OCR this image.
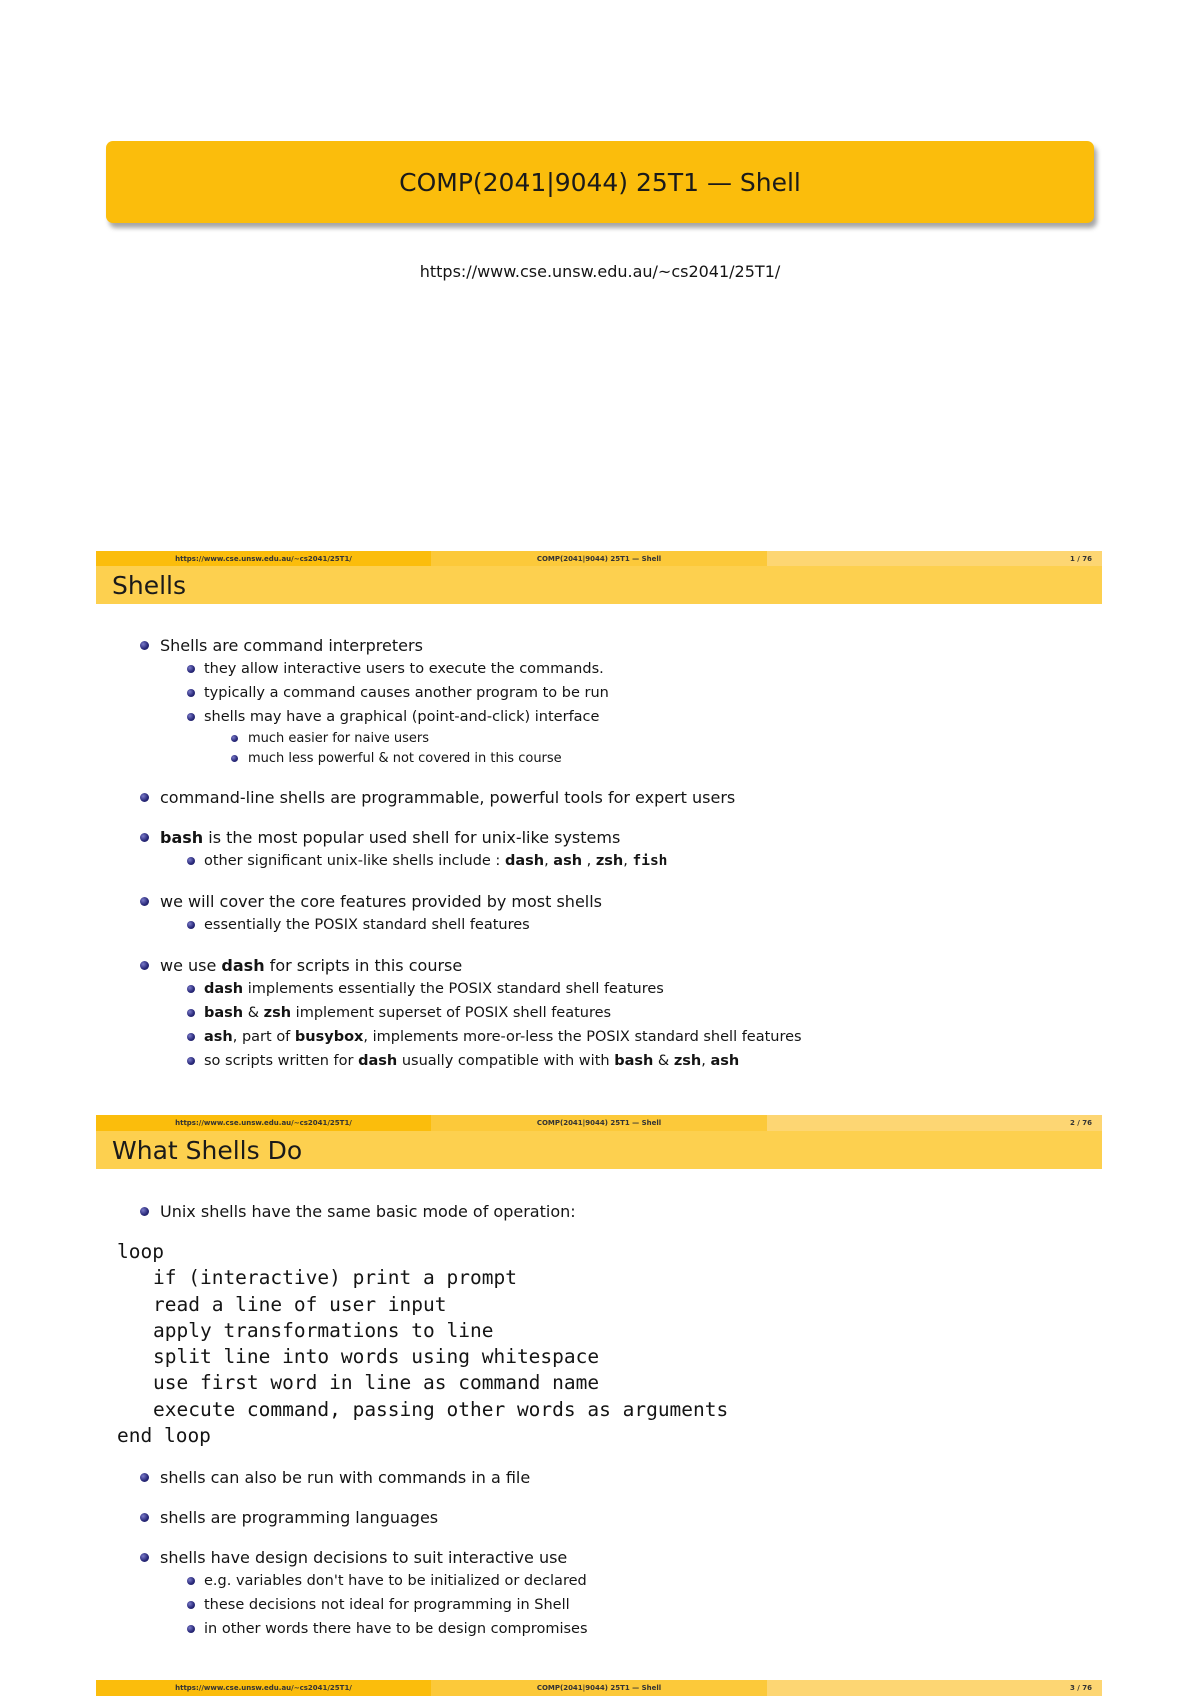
COMP(2041|9044) 25T1 — Shell
https://www.cse.unsw.edu.au/~cs2041/25T1/
https://www.cse.unsw.edu.au/~cs2041/25T1/	COMP(2041|9044) 25T1 — Shell	1 / 76
Shells
Shells are command interpreters
they allow interactive users to execute the commands.
typically a command causes another program to be run
shells may have a graphical (point-and-click) interface
much easier for naive users
much less powerful & not covered in this course
command-line shells are programmable, powerful tools for expert users
bash is the most popular used shell for unix-like systems
other significant unix-like shells include : dash, ash , zsh, fish
we will cover the core features provided by most shells
essentially the POSIX standard shell features
we use dash for scripts in this course
dash implements essentially the POSIX standard shell features
bash & zsh implement superset of POSIX shell features
ash, part of busybox, implements more-or-less the POSIX standard shell features
so scripts written for dash usually compatible with with bash & zsh, ash
https://www.cse.unsw.edu.au/~cs2041/25T1/	COMP(2041|9044) 25T1 — Shell	2 / 76
What Shells Do
Unix shells have the same basic mode of operation:
loop
if (interactive) print a prompt
read a line of user input
apply transformations to line
split line into words using whitespace
use first word in line as command name
execute command, passing other words as arguments
end loop
shells can also be run with commands in a file
shells are programming languages
shells have design decisions to suit interactive use
e.g. variables don't have to be initialized or declared
these decisions not ideal for programming in Shell
in other words there have to be design compromises
https://www.cse.unsw.edu.au/~cs2041/25T1/	COMP(2041|9044) 25T1 — Shell	3 / 76
